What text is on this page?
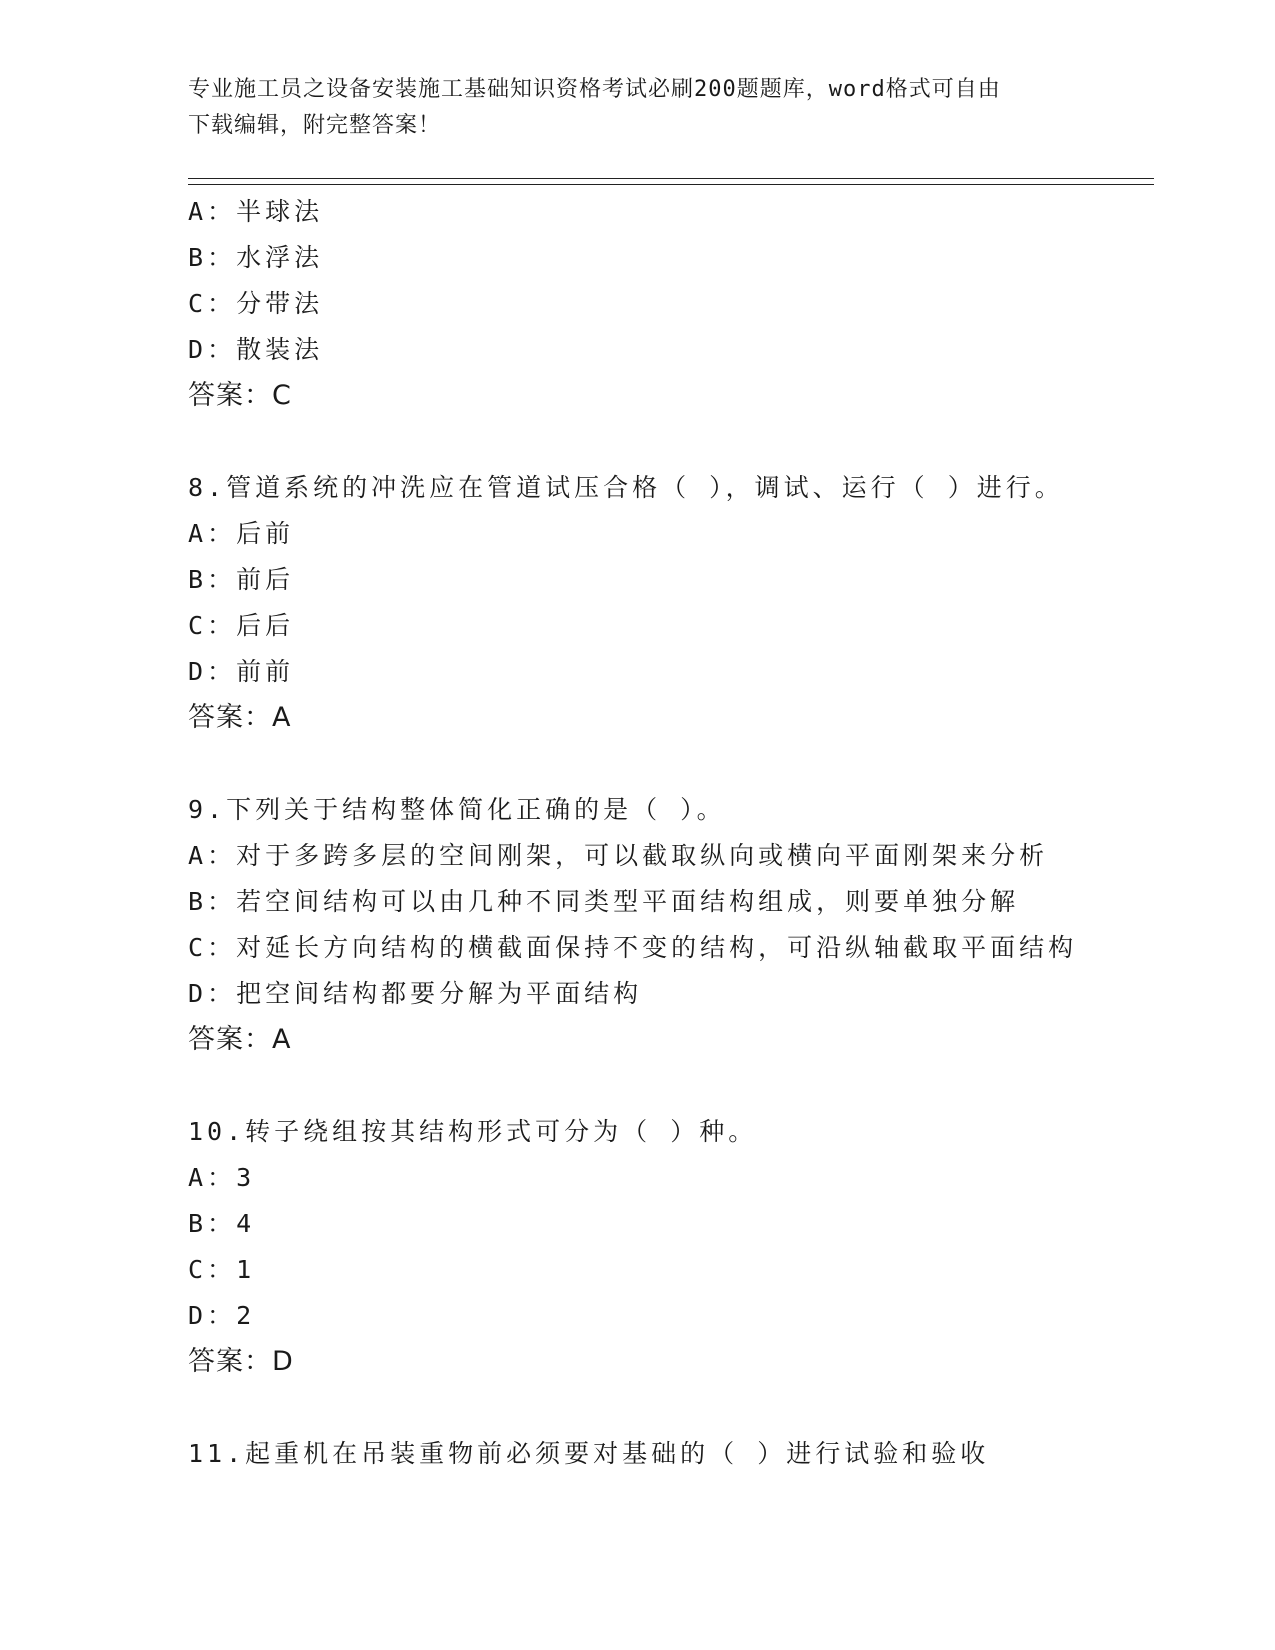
专业施工员之设备安装施工基础知识资格考试必刷200题题库，word格式可自由
下载编辑，附完整答案！
A：半球法
B：水浮法
C：分带法
D：散装法
答案：C
8.管道系统的冲洗应在管道试压合格（ ），调试、运行（ ）进行。
A：后前
B：前后
C：后后
D：前前
答案：A
9.下列关于结构整体简化正确的是（ ）。
A：对于多跨多层的空间刚架，可以截取纵向或横向平面刚架来分析
B：若空间结构可以由几种不同类型平面结构组成，则要单独分解
C：对延长方向结构的横截面保持不变的结构，可沿纵轴截取平面结构
D：把空间结构都要分解为平面结构
答案：A
10.转子绕组按其结构形式可分为（ ）种。
A：3
B：4
C：1
D：2
答案：D
11.起重机在吊装重物前必须要对基础的（ ）进行试验和验收
